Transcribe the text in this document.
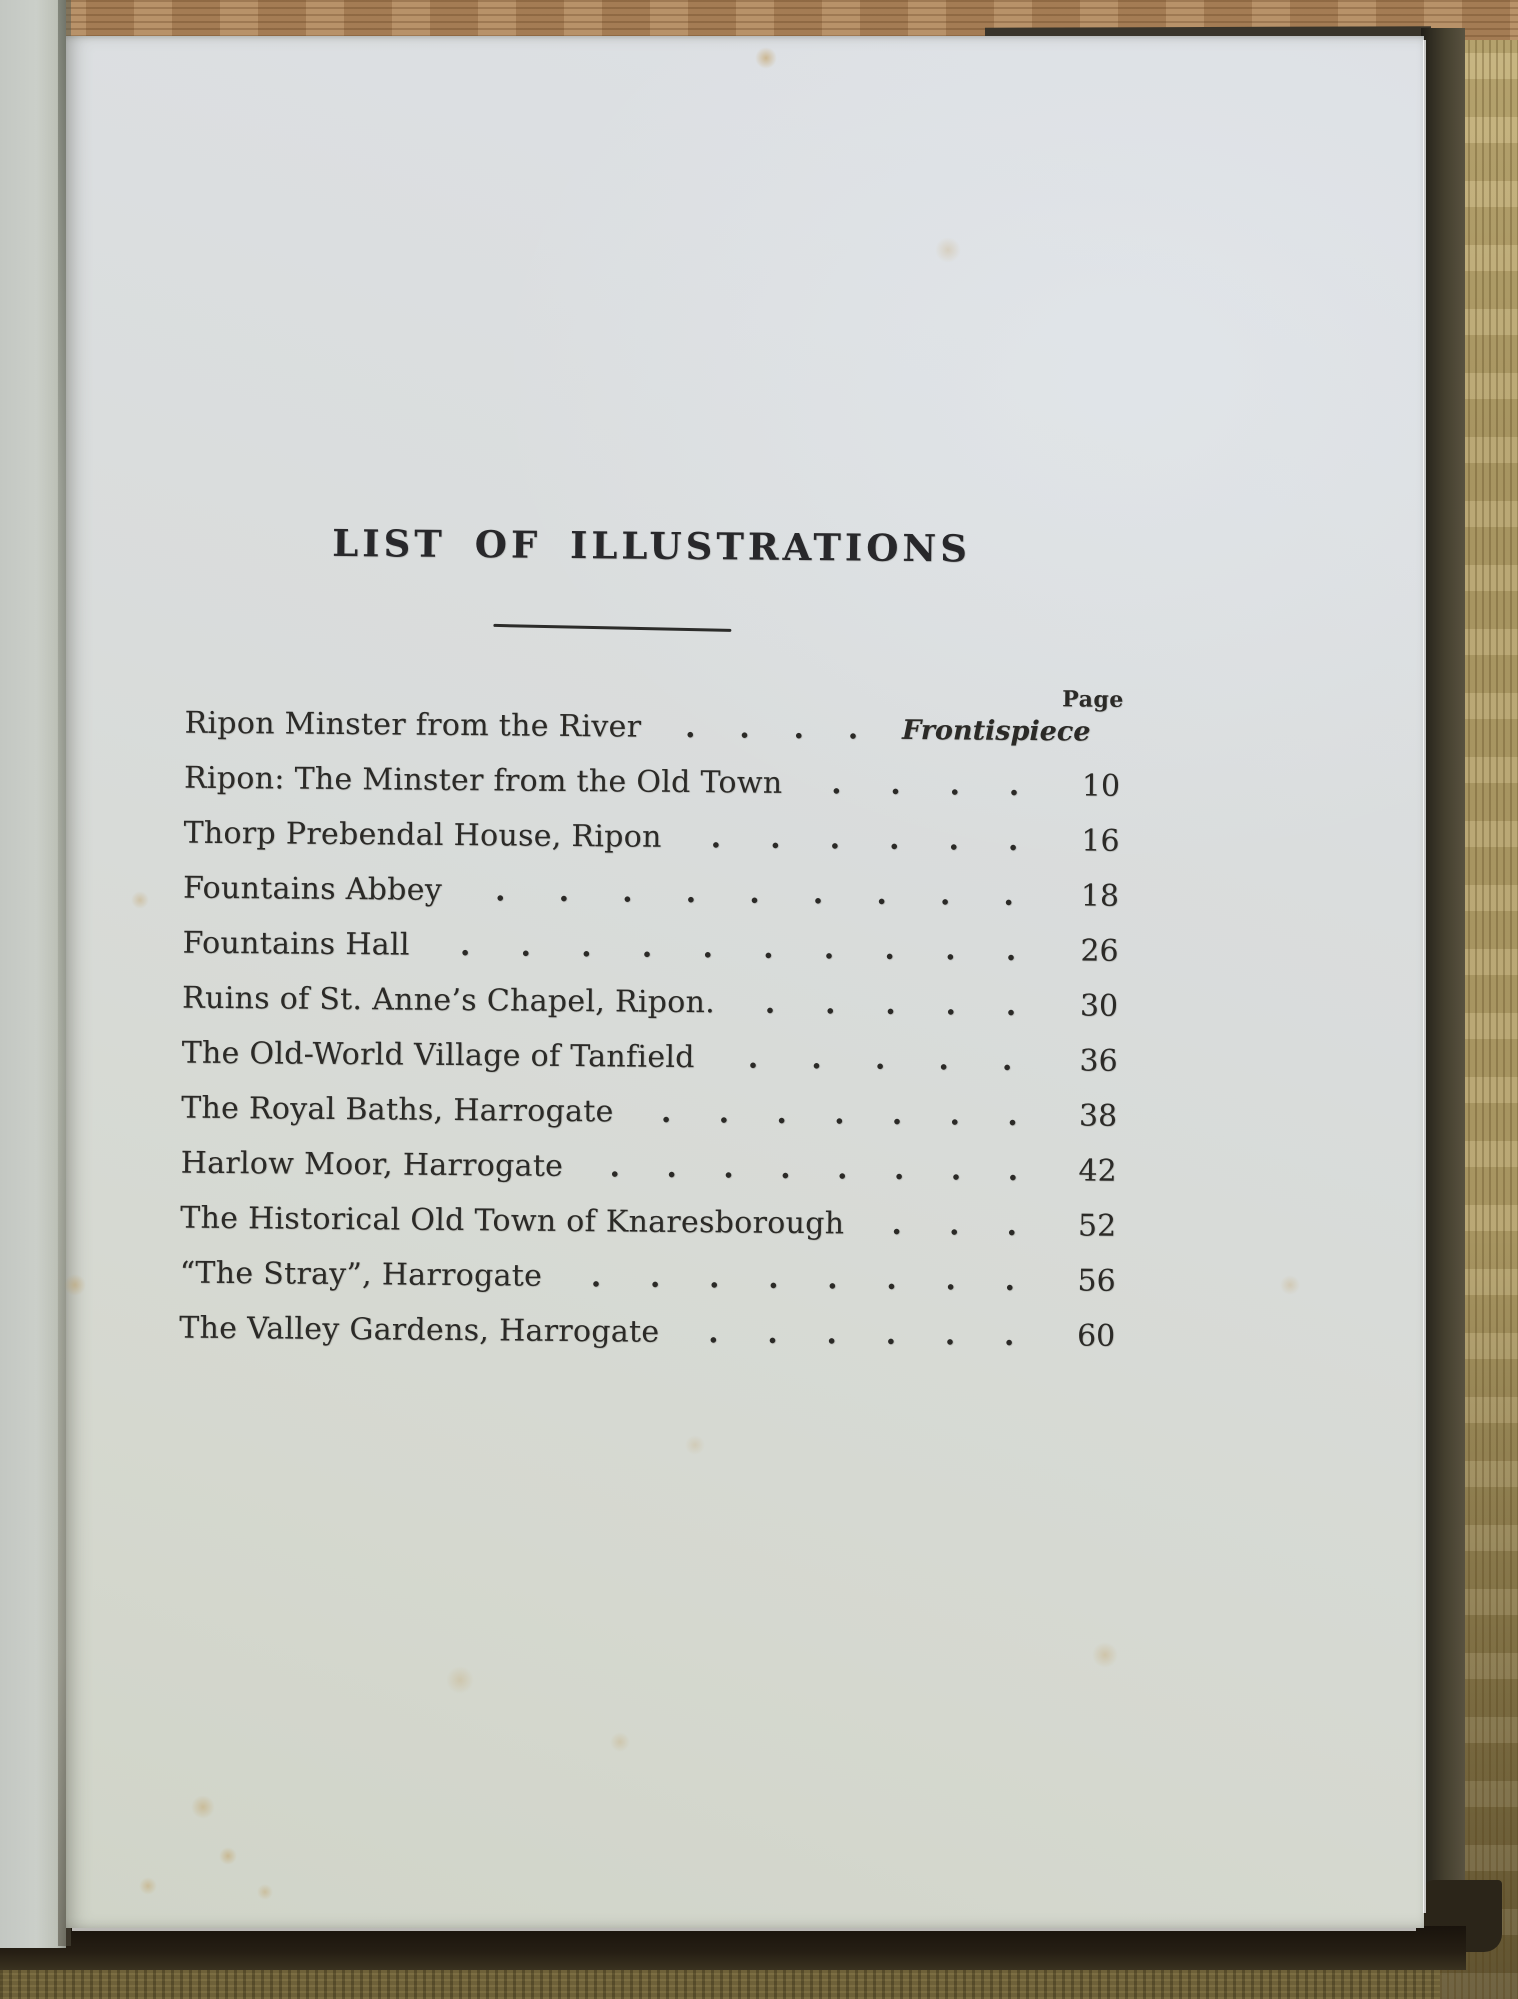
LIST OF ILLUSTRATIONS
Page
Ripon Minster from the River . . . . Frontispiece
Ripon: The Minster from the Old Town . . . .	10
Thorp Prebendal House, Ripon . . . . . .	16
Fountains Abbey . . . . . . . . .	18
Fountains Hall . . . . . . . . . .	26
Ruins of St. Anne’s Chapel, Ripon. . . . . .	30
The Old-World Village of Tanfield . . . . .	36
The Royal Baths, Harrogate . . . . . . .	38
Harlow Moor, Harrogate . . . . . . . .	42
The Historical Old Town of Knaresborough . . .	52
“The Stray”, Harrogate . . . . . . . .	56
The Valley Gardens, Harrogate . . . . . .	60
